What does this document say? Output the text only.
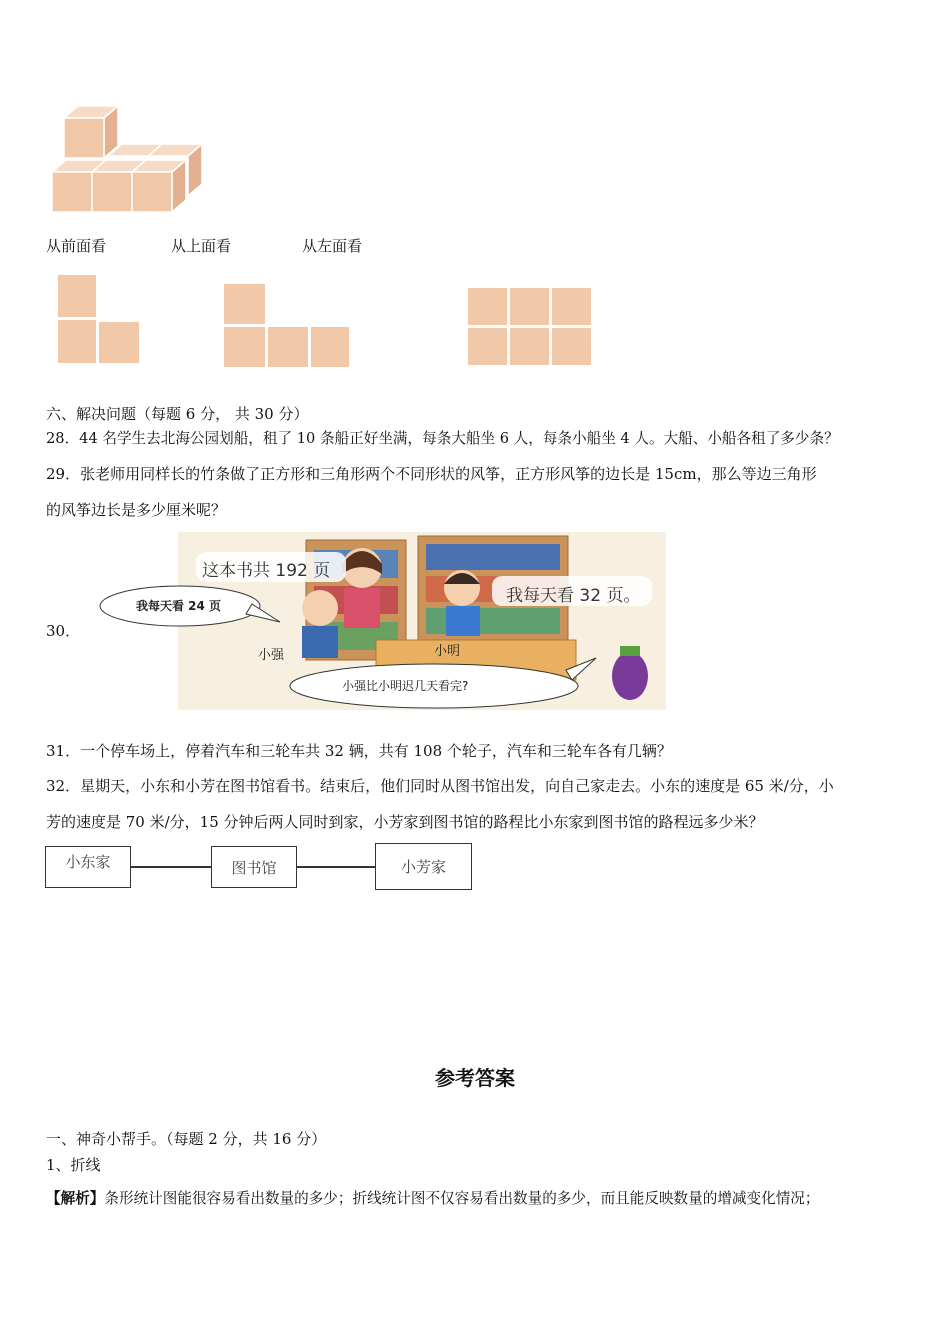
从前面看	从上面看	从左面看
六、解决问题（每题 6 分， 共 30 分）
28．44 名学生去北海公园划船，租了 10 条船正好坐满，每条大船坐 6 人，每条小船坐 4 人。大船、小船各租了多少条？
29．张老师用同样长的竹条做了正方形和三角形两个不同形状的风筝，正方形风筝的边长是 15cm，那么等边三角形
的风筝边长是多少厘米呢？
30．
这本书共 192 页
我每天看 24 页	我每天看 32 页。
小强	小明
小强比小明迟几天看完?
31．一个停车场上，停着汽车和三轮车共 32 辆，共有 108 个轮子，汽车和三轮车各有几辆？
32．星期天，小东和小芳在图书馆看书。结束后，他们同时从图书馆出发，向自己家走去。小东的速度是 65 米/分，小
芳的速度是 70 米/分，15 分钟后两人同时到家，小芳家到图书馆的路程比小东家到图书馆的路程远多少米？
小东家	图书馆	小芳家
参考答案
一、神奇小帮手。（每题 2 分，共 16 分）
1、折线
【解析】条形统计图能很容易看出数量的多少；折线统计图不仅容易看出数量的多少，而且能反映数量的增减变化情况；
